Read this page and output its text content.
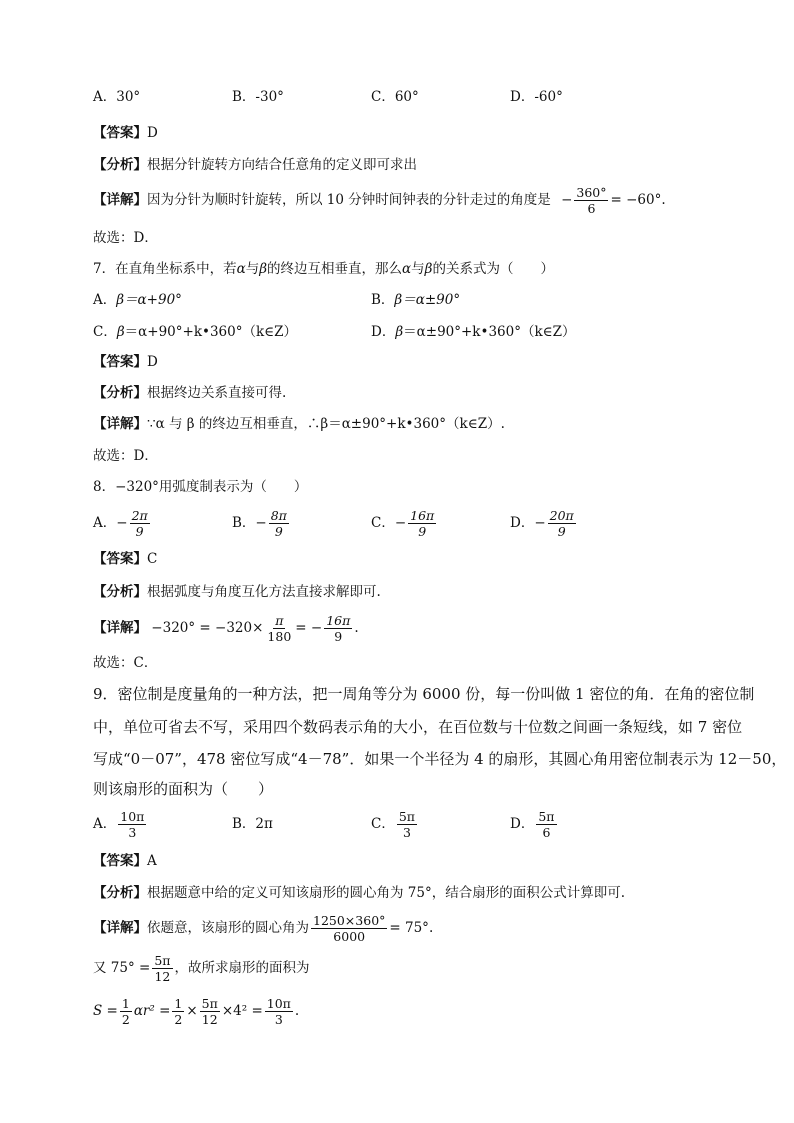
A．30°	B．-30°	C．60°	D．-60°
【答案】D
【分析】根据分针旋转方向结合任意角的定义即可求出
【详解】因为分针为顺时针旋转，所以 10 分钟时间钟表的分针走过的角度是 − $\frac{360^\circ}{6} = -60^\circ$.
故选：D．
7．在直角坐标系中，若α与β的终边互相垂直，那么α与β的关系式为（　　）
A．β＝α+90°	B．β＝α±90°
C．β＝α+90°+k•360°（k∈Z）	D．β＝α±90°+k•360°（k∈Z）
【答案】D
【分析】根据终边关系直接可得.
【详解】∵α 与 β 的终边互相垂直，∴β＝α±90°+k•360°（k∈Z）.
故选：D．
8．−320°用弧度制表示为（　　）
A．− $\frac{2\pi}{9}$	B．− $\frac{8\pi}{9}$	C．− $\frac{16\pi}{9}$	D．− $\frac{20\pi}{9}$
【答案】C
【分析】根据弧度与角度互化方法直接求解即可.
【详解】 $-320^\circ = -320\times \frac{\pi}{180}$ = − $\frac{16\pi}{9}$ .
故选：C．
9．密位制是度量角的一种方法，把一周角等分为 6000 份，每一份叫做 1 密位的角．在角的密位制
中，单位可省去不写，采用四个数码表示角的大小，在百位数与十位数之间画一条短线，如 7 密位
写成“0－07”，478 密位写成“4－78”．如果一个半径为 4 的扇形，其圆心角用密位制表示为 12－50，
则该扇形的面积为（　　）
A． $\frac{10\pi}{3}$	B．2π	C． $\frac{5\pi}{3}$	D． $\frac{5\pi}{6}$
【答案】A
【分析】根据题意中给的定义可知该扇形的圆心角为 75°，结合扇形的面积公式计算即可.
【详解】依题意，该扇形的圆心角为 $\frac{1250\times 360^\circ}{6000} = 75^\circ$.
又 $75^\circ = \frac{5\pi}{12}$ ，故所求扇形的面积为
$S = \frac{1}{2} \alpha r^2 = \frac{1}{2} \times \frac{5\pi}{12} \times 4^2 = \frac{10\pi}{3}$ .
